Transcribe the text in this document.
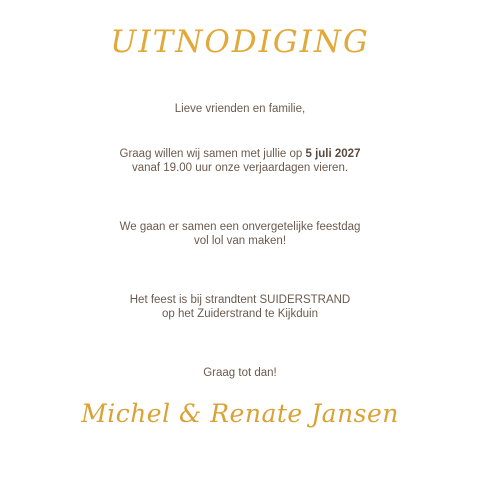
UITNODIGING
Lieve vrienden en familie,
Graag willen wij samen met jullie op 5 juli 2027
vanaf 19.00 uur onze verjaardagen vieren.
We gaan er samen een onvergetelijke feestdag
vol lol van maken!
Het feest is bij strandtent SUIDERSTRAND
op het Zuiderstrand te Kijkduin
Graag tot dan!
Michel & Renate Jansen
